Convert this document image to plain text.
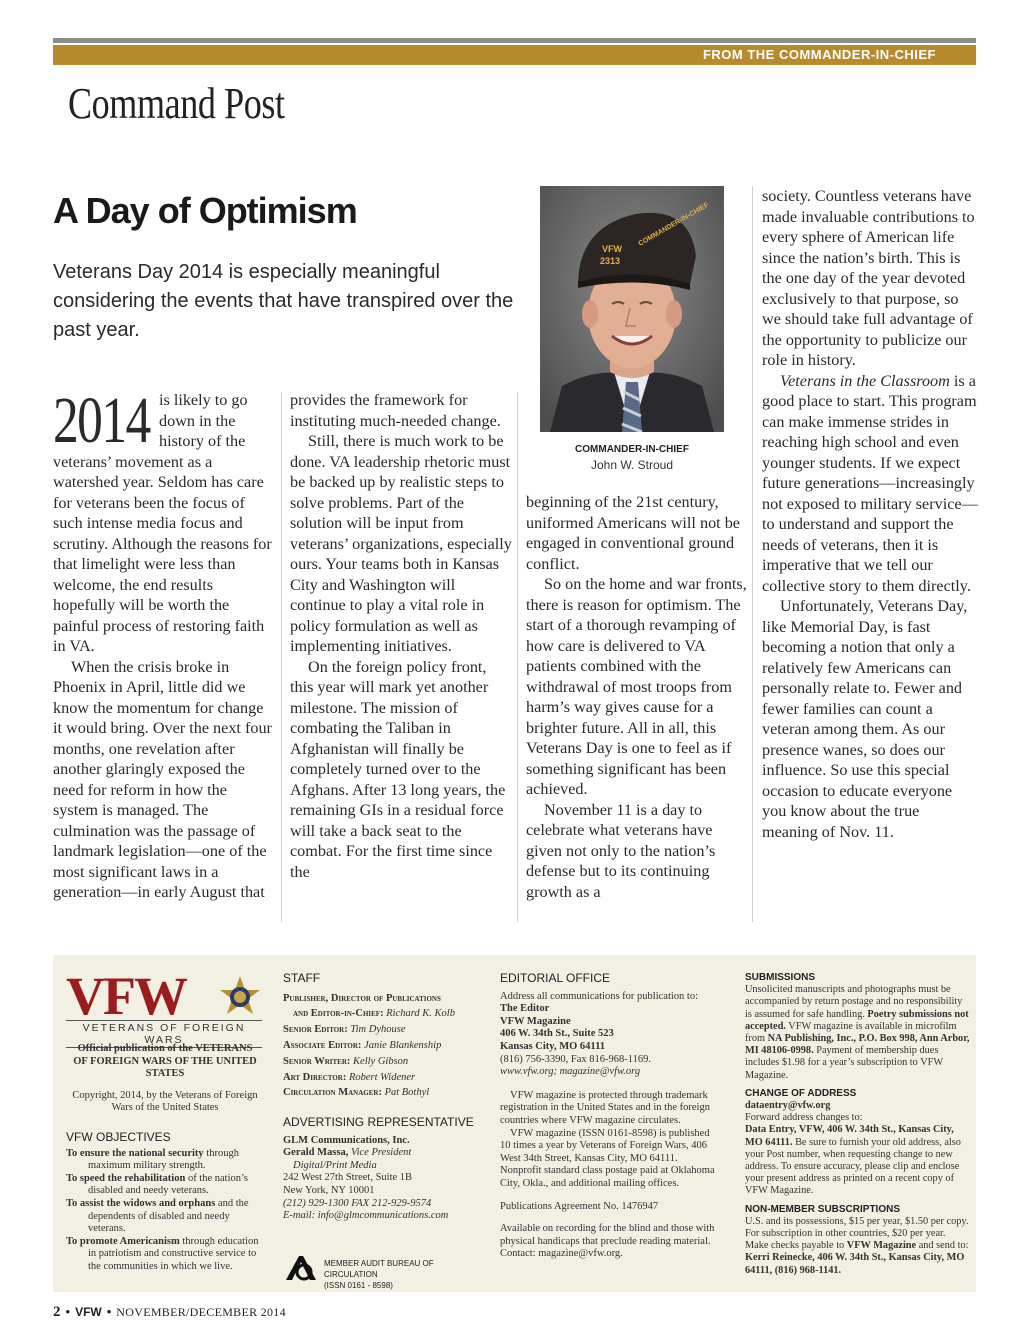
FROM THE COMMANDER-IN-CHIEF
Command Post
A Day of Optimism
Veterans Day 2014 is especially meaningful considering the events that have transpired over the past year.

2014 is likely to go down in the history of the veterans’ movement as a watershed year. Seldom has care for veterans been the focus of such intense media focus and scrutiny. Although the reasons for that limelight were less than welcome, the end results hopefully will be worth the painful process of restoring faith in VA.

When the crisis broke in Phoenix in April, little did we know the momentum for change it would bring. Over the next four months, one revelation after another glaringly exposed the need for reform in how the system is managed. The culmination was the passage of landmark legislation—one of the most significant laws in a generation—in early August that

provides the framework for instituting much-needed change.

Still, there is much work to be done. VA leadership rhetoric must be backed up by realistic steps to solve problems. Part of the solution will be input from veterans’ organizations, especially ours. Your teams both in Kansas City and Washington will continue to play a vital role in policy formulation as well as implementing initiatives.

On the foreign policy front, this year will mark yet another milestone. The mission of combating the Taliban in Afghanistan will finally be completely turned over to the Afghans. After 13 long years, the remaining GIs in a residual force will take a back seat to the combat. For the first time since the

VFW
2313
COMMANDER-IN-CHIEF
COMMANDER-IN-CHIEF
John W. Stroud

beginning of the 21st century, uniformed Americans will not be engaged in conventional ground conflict.

So on the home and war fronts, there is reason for optimism. The start of a thorough revamping of how care is delivered to VA patients combined with the withdrawal of most troops from harm’s way gives cause for a brighter future. All in all, this Veterans Day is one to feel as if something significant has been achieved.

November 11 is a day to celebrate what veterans have given not only to the nation’s defense but to its continuing growth as a

society. Countless veterans have made invaluable contributions to every sphere of American life since the nation’s birth. This is the one day of the year devoted exclusively to that purpose, so we should take full advantage of the opportunity to publicize our role in history.

Veterans in the Classroom is a good place to start. This program can make immense strides in reaching high school and even younger students. If we expect future generations—increasingly not exposed to military service—to understand and support the needs of veterans, then it is imperative that we tell our collective story to them directly.

Unfortunately, Veterans Day, like Memorial Day, is fast becoming a notion that only a relatively few Americans can personally relate to. Fewer and fewer families can count a veteran among them. As our presence wanes, so does our influence. So use this special occasion to educate everyone you know about the true meaning of Nov. 11.

VFW
VETERANS OF FOREIGN WARS
Official publication of the VETERANS OF FOREIGN WARS OF THE UNITED STATES
Copyright, 2014, by the Veterans of Foreign Wars of the United States
VFW OBJECTIVES
To ensure the national security through maximum military strength.
To speed the rehabilitation of the nation’s disabled and needy veterans.
To assist the widows and orphans and the dependents of disabled and needy veterans.
To promote Americanism through education in patriotism and constructive service to the communities in which we live.
STAFF
Publisher, Director of Publications
and Editor-in-Chief: Richard K. Kolb
Senior Editor: Tim Dyhouse
Associate Editor: Janie Blankenship
Senior Writer: Kelly Gibson
Art Director: Robert Widener
Circulation Manager: Pat Bothyl
ADVERTISING REPRESENTATIVE
GLM Communications, Inc.
Gerald Massa, Vice President
Digital/Print Media
242 West 27th Street, Suite 1B
New York, NY 10001
(212) 929-1300 FAX 212-929-9574
E-mail: info@glmcommunications.com
MEMBER AUDIT BUREAU OF CIRCULATION
(ISSN 0161 - 8598)
EDITORIAL OFFICE
Address all communications for publication to:
The Editor
VFW Magazine
406 W. 34th St., Suite 523
Kansas City, MO 64111
(816) 756-3390, Fax 816-968-1169.
www.vfw.org; magazine@vfw.org
VFW magazine is protected through trademark registration in the United States and in the foreign countries where VFW magazine circulates.
VFW magazine (ISSN 0161-8598) is published 10 times a year by Veterans of Foreign Wars, 406 West 34th Street, Kansas City, MO 64111. Nonprofit standard class postage paid at Oklahoma City, Okla., and additional mailing offices.
Publications Agreement No. 1476947
Available on recording for the blind and those with physical handicaps that preclude reading material. Contact: magazine@vfw.org.
SUBMISSIONS
Unsolicited manuscripts and photographs must be accompanied by return postage and no responsibility is assumed for safe handling. Poetry submissions not accepted. VFW magazine is available in microfilm from NA Publishing, Inc., P.O. Box 998, Ann Arbor, MI 48106-0998. Payment of membership dues includes $1.98 for a year’s subscription to VFW Magazine.
CHANGE OF ADDRESS
dataentry@vfw.org
Forward address changes to:
Data Entry, VFW, 406 W. 34th St., Kansas City, MO 64111. Be sure to furnish your old address, also your Post number, when requesting change to new address. To ensure accuracy, please clip and enclose your present address as printed on a recent copy of VFW Magazine.
NON-MEMBER SUBSCRIPTIONS
U.S. and its possessions, $15 per year, $1.50 per copy. For subscription in other countries, $20 per year. Make checks payable to VFW Magazine and send to: Kerri Reinecke, 406 W. 34th St., Kansas City, MO 64111, (816) 968-1141.
2 • VFW • NOVEMBER/DECEMBER 2014
